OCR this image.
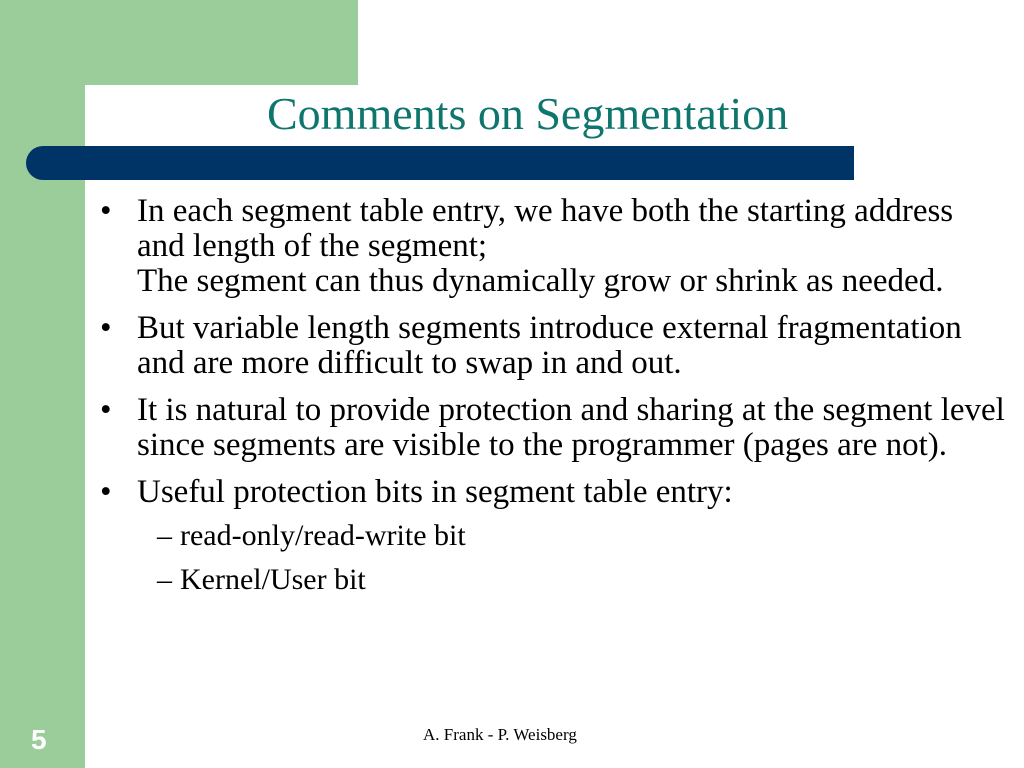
Comments on Segmentation
• In each segment table entry, we have both the starting address and length of the segment;

The segment can thus dynamically grow or shrink as needed.

• But variable length segments introduce external fragmentation and are more difficult to swap in and out.

• It is natural to provide protection and sharing at the segment level since segments are visible to the programmer (pages are not).

• Useful protection bits in segment table entry:

– read-only/read-write bit
– Kernel/User bit
5	A. Frank - P. Weisberg
